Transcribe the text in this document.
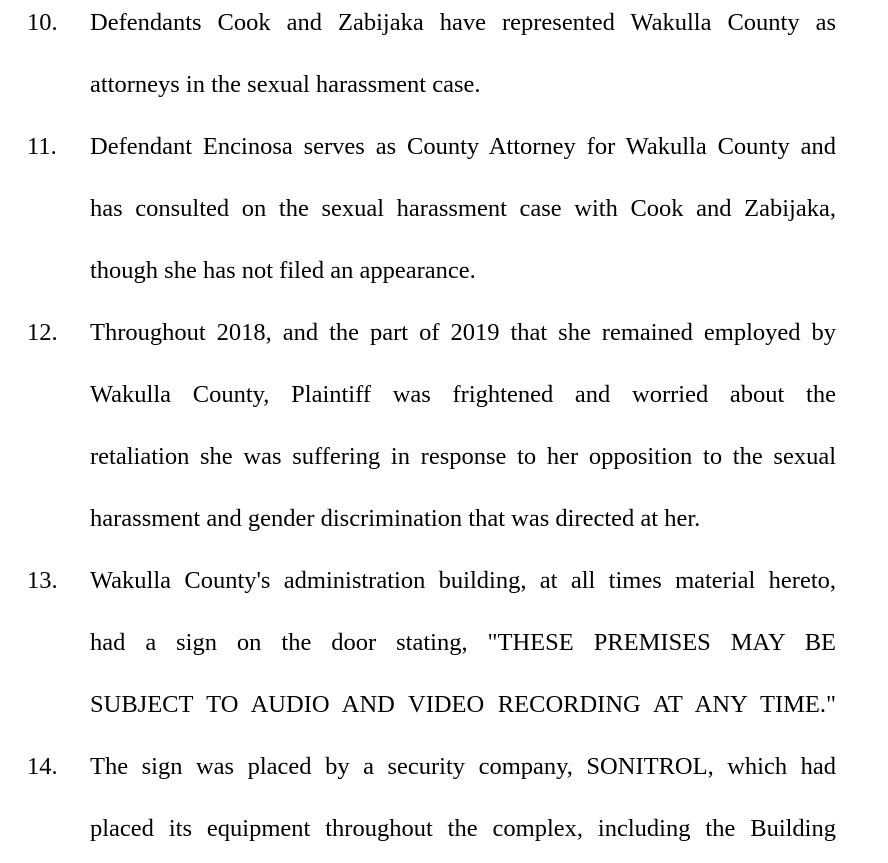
10. Defendants Cook and Zabijaka have represented Wakulla County as
attorneys in the sexual harassment case.
11. Defendant Encinosa serves as County Attorney for Wakulla County and
has consulted on the sexual harassment case with Cook and Zabijaka,
though she has not filed an appearance.
12. Throughout 2018, and the part of 2019 that she remained employed by
Wakulla County, Plaintiff was frightened and worried about the
retaliation she was suffering in response to her opposition to the sexual
harassment and gender discrimination that was directed at her.
13. Wakulla County's administration building, at all times material hereto,
had a sign on the door stating, "THESE PREMISES MAY BE
SUBJECT TO AUDIO AND VIDEO RECORDING AT ANY TIME."
14. The sign was placed by a security company, SONITROL, which had
placed its equipment throughout the complex, including the Building
